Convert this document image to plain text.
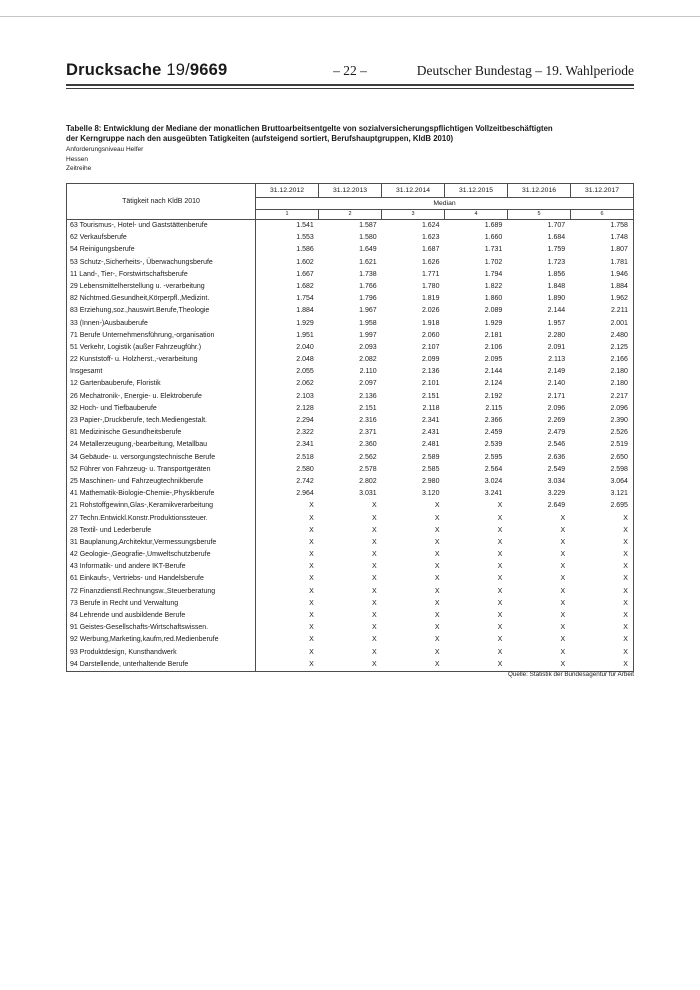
Drucksache 19/9669	– 22 –	Deutscher Bundestag – 19. Wahlperiode
Tabelle 8: Entwicklung der Mediane der monatlichen Bruttoarbeitsentgelte von sozialversicherungspflichtigen Vollzeitbeschäftigten
der Kerngruppe nach den ausgeübten Tatigkeiten (aufsteigend sortiert, Berufshauptgruppen, KldB 2010)
Anforderungsniveau Helfer
Hessen
Zeitreihe
Tätigkeit nach KldB 2010
31.12.2012	31.12.2013	31.12.2014	31.12.2015	31.12.2016	31.12.2017
Median
1	2	3	4	5	6
63 Tourismus-, Hotel- und Gaststättenberufe	1.541	1.587	1.624	1.689	1.707	1.758
62 Verkaufsberufe	1.553	1.580	1.623	1.660	1.684	1.748
54 Reinigungsberufe	1.586	1.649	1.687	1.731	1.759	1.807
53 Schutz-,Sicherheits-, Überwachungsberufe	1.602	1.621	1.626	1.702	1.723	1.781
11 Land-, Tier-, Forstwirtschaftsberufe	1.667	1.738	1.771	1.794	1.856	1.946
29 Lebensmittelherstellung u. -verarbeitung	1.682	1.766	1.780	1.822	1.848	1.884
82 Nichtmed.Gesundheit,Körperpfl.,Medizint.	1.754	1.796	1.819	1.860	1.890	1.962
83 Erziehung,soz.,hauswirt.Berufe,Theologie	1.884	1.967	2.026	2.089	2.144	2.211
33 (Innen-)Ausbauberufe	1.929	1.958	1.918	1.929	1.957	2.001
71 Berufe Unternehmensführung,-organisation	1.951	1.997	2.060	2.181	2.280	2.480
51 Verkehr, Logistik (außer Fahrzeugführ.)	2.040	2.093	2.107	2.106	2.091	2.125
22 Kunststoff- u. Holzherst.,-verarbeitung	2.048	2.082	2.099	2.095	2.113	2.166
Insgesamt	2.055	2.110	2.136	2.144	2.149	2.180
12 Gartenbauberufe, Floristik	2.062	2.097	2.101	2.124	2.140	2.180
26 Mechatronik-, Energie- u. Elektroberufe	2.103	2.136	2.151	2.192	2.171	2.217
32 Hoch- und Tiefbauberufe	2.128	2.151	2.118	2.115	2.096	2.096
23 Papier-,Druckberufe, tech.Mediengestalt.	2.294	2.316	2.341	2.366	2.269	2.390
81 Medizinische Gesundheitsberufe	2.322	2.371	2.431	2.459	2.479	2.526
24 Metallerzeugung,-bearbeitung, Metallbau	2.341	2.360	2.481	2.539	2.546	2.519
34 Gebäude- u. versorgungstechnische Berufe	2.518	2.562	2.589	2.595	2.636	2.650
52 Führer von Fahrzeug- u. Transportgeräten	2.580	2.578	2.585	2.564	2.549	2.598
25 Maschinen- und Fahrzeugtechnikberufe	2.742	2.802	2.980	3.024	3.034	3.064
41 Mathematik-Biologie-Chemie-,Physikberufe	2.964	3.031	3.120	3.241	3.229	3.121
21 Rohstoffgewinn,Glas-,Keramikverarbeitung	X	X	X	X	2.649	2.695
27 Techn.Entwickl.Konstr.Produktionssteuer.	X	X	X	X	X	X
28 Textil- und Lederberufe	X	X	X	X	X	X
31 Bauplanung,Architektur,Vermessungsberufe	X	X	X	X	X	X
42 Geologie-,Geografie-,Umweltschutzberufe	X	X	X	X	X	X
43 Informatik- und andere IKT-Berufe	X	X	X	X	X	X
61 Einkaufs-, Vertriebs- und Handelsberufe	X	X	X	X	X	X
72 Finanzdienstl.Rechnungsw.,Steuerberatung	X	X	X	X	X	X
73 Berufe in Recht und Verwaltung	X	X	X	X	X	X
84 Lehrende und ausbildende Berufe	X	X	X	X	X	X
91 Geistes-Gesellschafts-Wirtschaftswissen.	X	X	X	X	X	X
92 Werbung,Marketing,kaufm,red.Medienberufe	X	X	X	X	X	X
93 Produktdesign, Kunsthandwerk	X	X	X	X	X	X
94 Darstellende, unterhaltende Berufe	X	X	X	X	X	X
Quelle: Statistik der Bundesagentur für Arbeit
